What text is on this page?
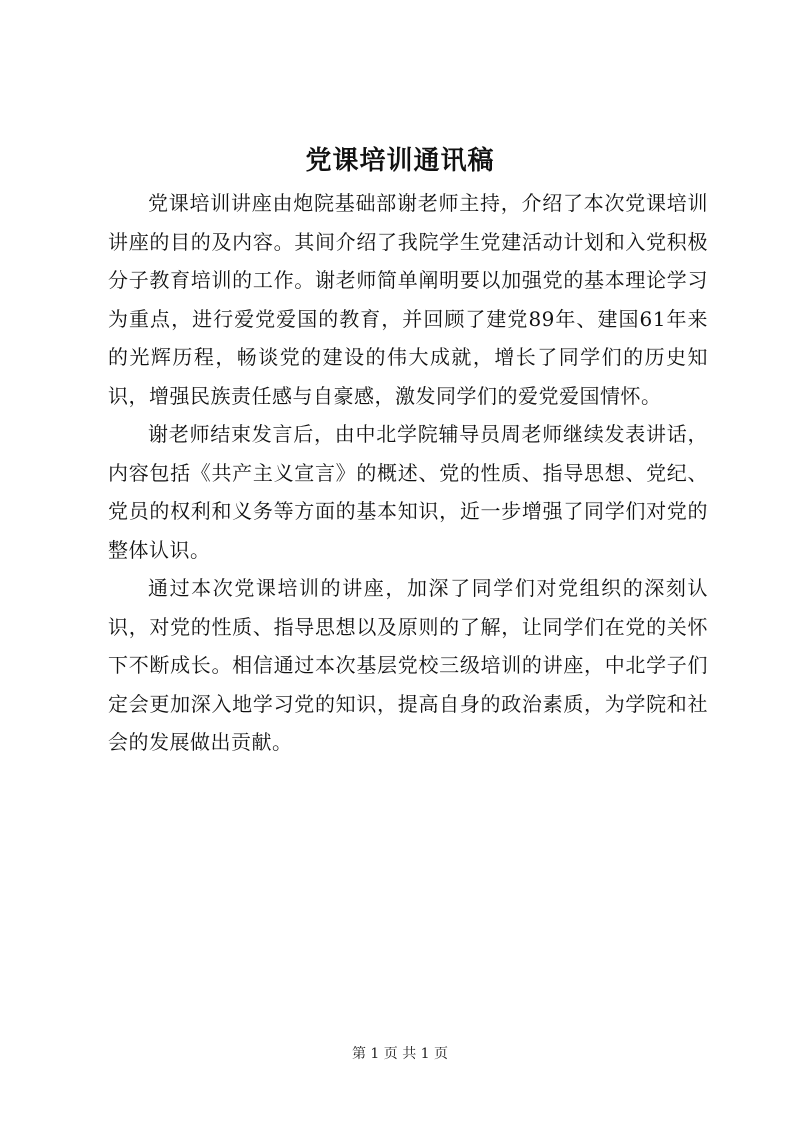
党课培训通讯稿

党课培训讲座由炮院基础部谢老师主持，介绍了本次党课培训讲座的目的及内容。其间介绍了我院学生党建活动计划和入党积极分子教育培训的工作。谢老师简单阐明要以加强党的基本理论学习为重点，进行爱党爱国的教育，并回顾了建党89年、建国61年来的光辉历程，畅谈党的建设的伟大成就，增长了同学们的历史知识，增强民族责任感与自豪感，激发同学们的爱党爱国情怀。

谢老师结束发言后，由中北学院辅导员周老师继续发表讲话，内容包括《共产主义宣言》的概述、党的性质、指导思想、党纪、党员的权利和义务等方面的基本知识，近一步增强了同学们对党的整体认识。

通过本次党课培训的讲座，加深了同学们对党组织的深刻认识，对党的性质、指导思想以及原则的了解，让同学们在党的关怀下不断成长。相信通过本次基层党校三级培训的讲座，中北学子们定会更加深入地学习党的知识，提高自身的政治素质，为学院和社会的发展做出贡献。

第 1 页 共 1 页
